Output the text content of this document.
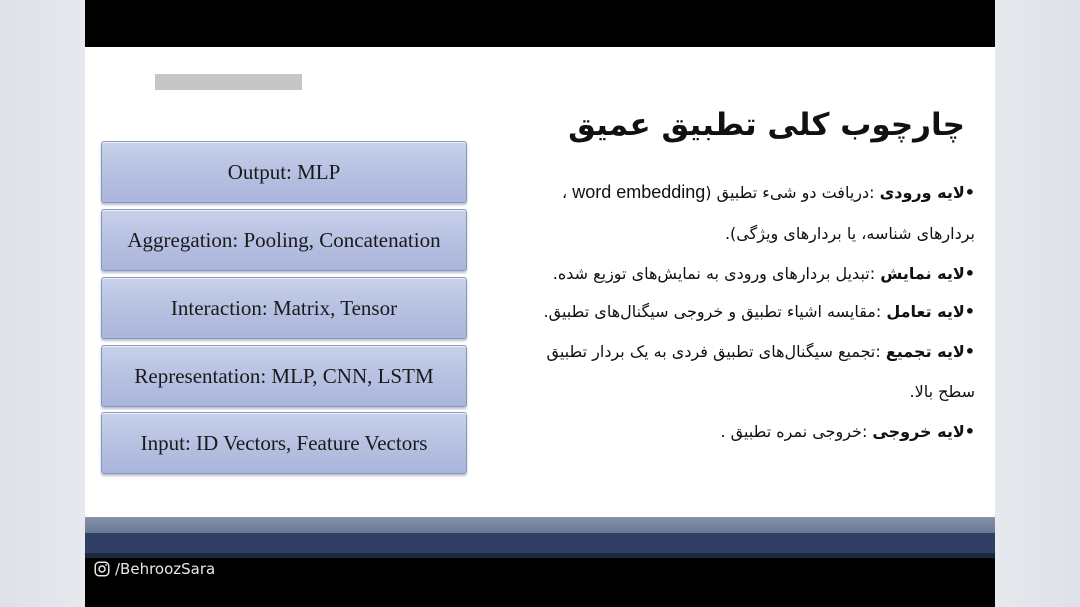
چارچوب کلی تطبیق عمیق
Output: MLP
Aggregation: Pooling, Concatenation
Interaction: Matrix, Tensor
Representation: MLP, CNN, LSTM
Input: ID Vectors, Feature Vectors
•لایه ورودی :دریافت دو شیء تطبیق (word embedding ،
بردارهای شناسه، یا بردارهای ویژگی).
•لایه نمایش :تبدیل بردارهای ورودی به نمایش‌های توزیع شده.
•لایه تعامل :مقایسه اشیاء تطبیق و خروجی سیگنال‌های تطبیق.
•لایه تجمیع :تجمیع سیگنال‌های تطبیق فردی به یک بردار تطبیق
سطح بالا.
•لایه خروجی :خروجی نمره تطبیق .
/BehroozSara
